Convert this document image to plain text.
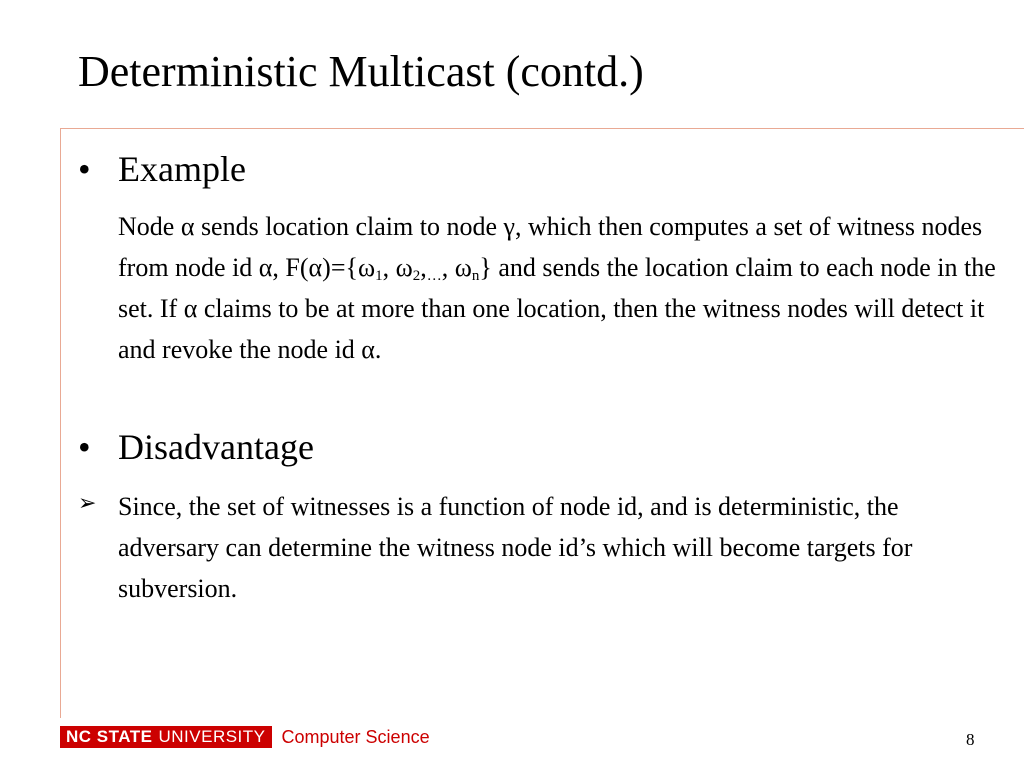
Deterministic Multicast (contd.)
• Example

Node α sends location claim to node γ, which then computes a set of witness nodes from node id α, $F(\alpha)=\{\omega_1$, $\omega_2,_\dots$, $\omega_n$} and sends the location claim to each node in the set. If α claims to be at more than one location, then the witness nodes will detect it and revoke the node id α.

• Disadvantage
➢ Since, the set of witnesses is a function of node id, and is deterministic, the adversary can determine the witness node id’s which will become targets for subversion.

NC STATE UNIVERSITY Computer Science	8
